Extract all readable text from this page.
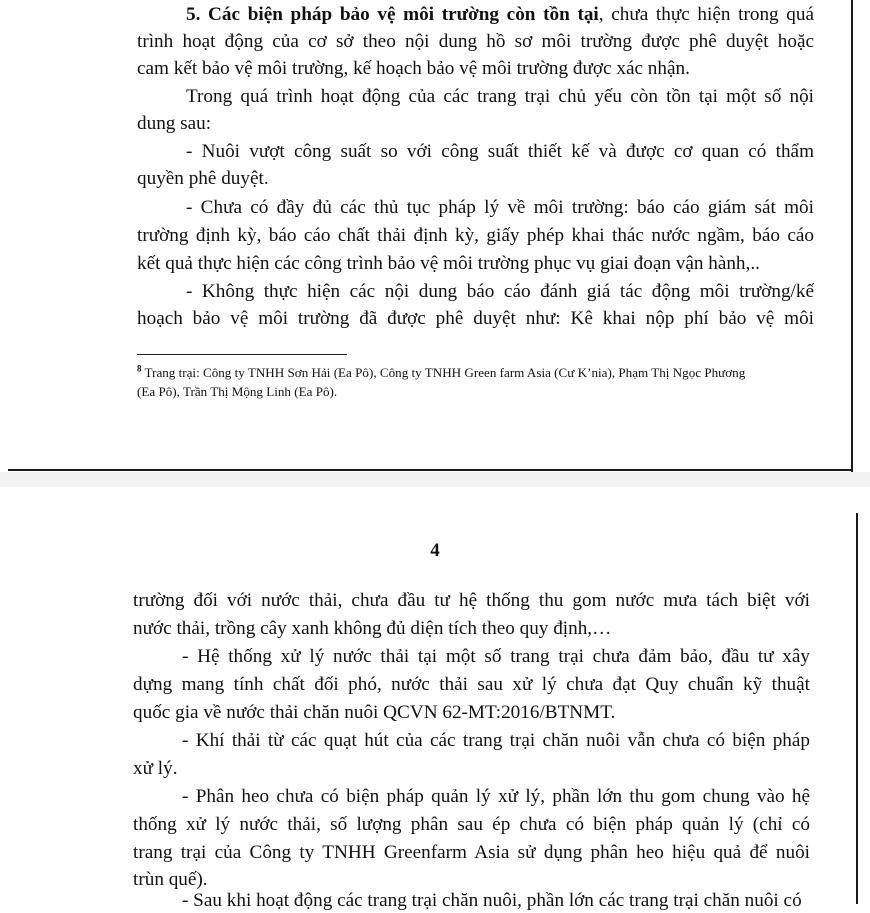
5. Các biện pháp bảo vệ môi trường còn tồn tại, chưa thực hiện trong quá
trình hoạt động của cơ sở theo nội dung hồ sơ môi trường được phê duyệt hoặc
cam kết bảo vệ môi trường, kế hoạch bảo vệ môi trường được xác nhận.
Trong quá trình hoạt động của các trang trại chủ yếu còn tồn tại một số nội
dung sau:
- Nuôi vượt công suất so với công suất thiết kế và được cơ quan có thẩm
quyền phê duyệt.
- Chưa có đầy đủ các thủ tục pháp lý về môi trường: báo cáo giám sát môi
trường định kỳ, báo cáo chất thải định kỳ, giấy phép khai thác nước ngầm, báo cáo
kết quả thực hiện các công trình bảo vệ môi trường phục vụ giai đoạn vận hành,..
- Không thực hiện các nội dung báo cáo đánh giá tác động môi trường/kế
hoạch bảo vệ môi trường đã được phê duyệt như: Kê khai nộp phí bảo vệ môi
$^8$ Trang trại: Công ty TNHH Sơn Hải (Ea Pô), Công ty TNHH Green farm Asia (Cư K’nia), Phạm Thị Ngọc Phương
(Ea Pô), Trần Thị Mộng Linh (Ea Pô).
4
trường đối với nước thải, chưa đầu tư hệ thống thu gom nước mưa tách biệt với
nước thải, trồng cây xanh không đủ diện tích theo quy định,…
- Hệ thống xử lý nước thải tại một số trang trại chưa đảm bảo, đầu tư xây
dựng mang tính chất đối phó, nước thải sau xử lý chưa đạt Quy chuẩn kỹ thuật
quốc gia về nước thải chăn nuôi QCVN 62-MT:2016/BTNMT.
- Khí thải từ các quạt hút của các trang trại chăn nuôi vẫn chưa có biện pháp
xử lý.
- Phân heo chưa có biện pháp quản lý xử lý, phần lớn thu gom chung vào hệ
thống xử lý nước thải, số lượng phân sau ép chưa có biện pháp quản lý (chỉ có
trang trại của Công ty TNHH Greenfarm Asia sử dụng phân heo hiệu quả để nuôi
trùn quế).
- Sau khi hoạt động các trang trại chăn nuôi, phần lớn các trang trại chăn nuôi có
